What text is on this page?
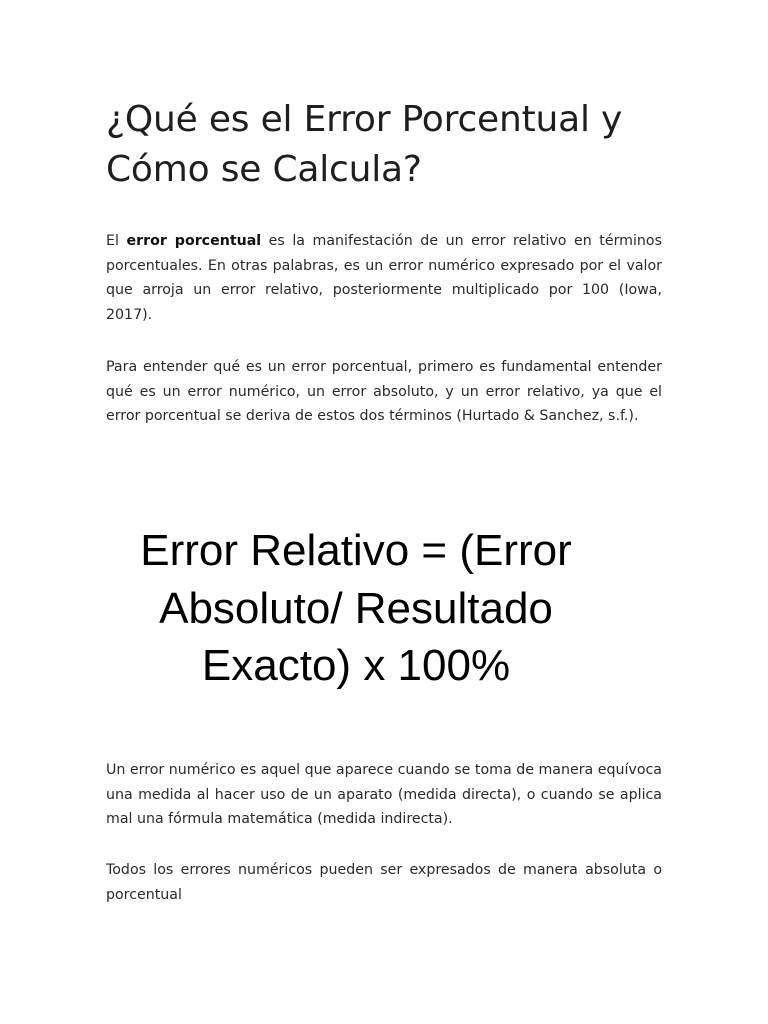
¿Qué es el Error Porcentual y
Cómo se Calcula?

El error porcentual es la manifestación de un error relativo en términos porcentuales. En otras palabras, es un error numérico expresado por el valor que arroja un error relativo, posteriormente multiplicado por 100 (Iowa, 2017).

Para entender qué es un error porcentual, primero es fundamental entender qué es un error numérico, un error absoluto, y un error relativo, ya que el error porcentual se deriva de estos dos términos (Hurtado & Sanchez, s.f.).

Error Relativo = (Error
Absoluto/ Resultado
Exacto) x 100%

Un error numérico es aquel que aparece cuando se toma de manera equívoca una medida al hacer uso de un aparato (medida directa), o cuando se aplica mal una fórmula matemática (medida indirecta).

Todos los errores numéricos pueden ser expresados de manera absoluta o porcentual
